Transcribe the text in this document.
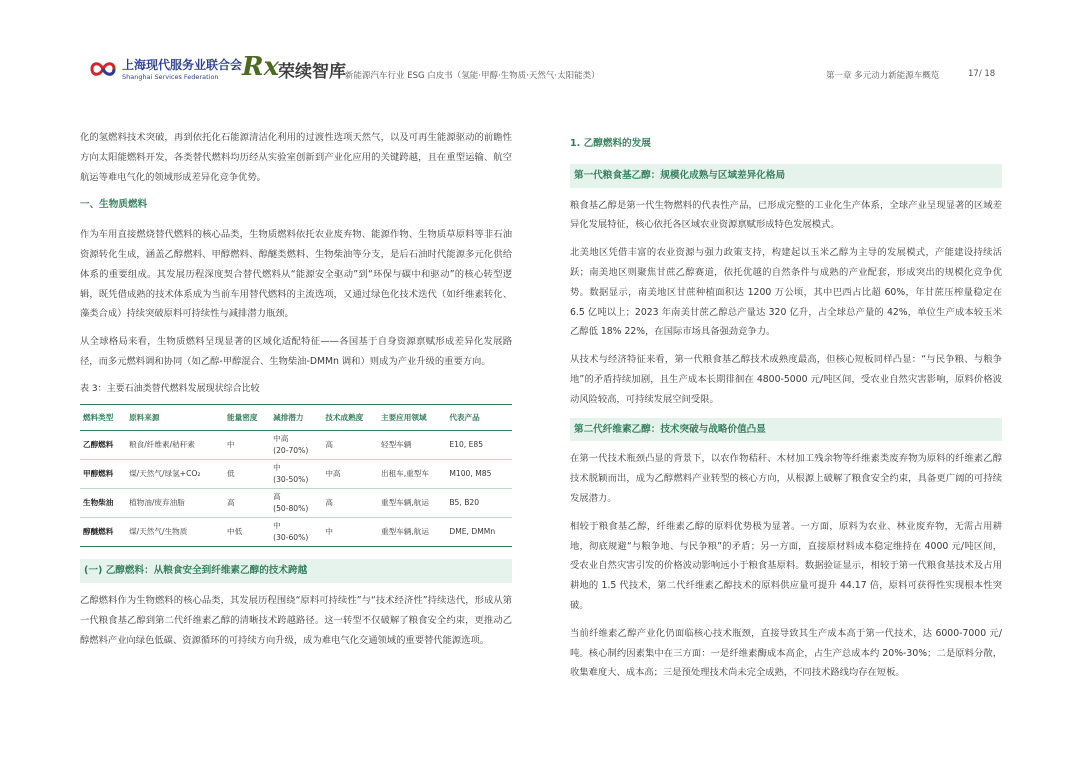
上海现代服务业联合会
Shanghai Services Federation Rx
荣续智库 新能源汽车行业 ESG 白皮书（氢能·甲醇·生物质·天然气·太阳能类）	第一章 多元动力新能源车概览	17/ 18

化的氢燃料技术突破，再到依托化石能源清洁化利用的过渡性选项天然气，以及可再生能源驱动的前瞻性方向太阳能燃料开发，各类替代燃料均历经从实验室创新到产业化应用的关键跨越，且在重型运输、航空航运等难电气化的领域形成差异化竞争优势。

一、生物质燃料

作为车用直接燃烧替代燃料的核心品类，生物质燃料依托农业废弃物、能源作物、生物质草原料等非石油资源转化生成，涵盖乙醇燃料、甲醇燃料、醇醚类燃料、生物柴油等分支，是后石油时代能源多元化供给体系的重要组成。其发展历程深度契合替代燃料从“能源安全驱动”到“环保与碳中和驱动”的核心转型逻辑，既凭借成熟的技术体系成为当前车用替代燃料的主流选项，又通过绿色化技术迭代（如纤维素转化、藻类合成）持续突破原料可持续性与减排潜力瓶颈。

从全球格局来看，生物质燃料呈现显著的区域化适配特征——各国基于自身资源禀赋形成差异化发展路径，而多元燃料调和协同（如乙醇-甲醇混合、生物柴油-DMMn 调和）则成为产业升级的重要方向。

表 3：主要石油类替代燃料发展现状综合比较
燃料类型	原料来源	能量密度	减排潜力	技术成熟度	主要应用领域	代表产品
乙醇燃料	粮食/纤维素/秸秆素	中	中高
(20-70%)	高	轻型车辆	E10, E85
甲醇燃料	煤/天然气/绿氢+CO₂	低	中
(30-50%)	中高	出租车,重型车	M100, M85
生物柴油	植物油/废弃油脂	高	高
(50-80%)	高	重型车辆,航运	B5, B20
醇醚燃料	煤/天然气/生物质	中低	中
(30-60%)	中	重型车辆,航运	DME, DMMn
(一) 乙醇燃料：从粮食安全到纤维素乙醇的技术跨越

乙醇燃料作为生物燃料的核心品类，其发展历程围绕“原料可持续性”与“技术经济性”持续迭代，形成从第一代粮食基乙醇到第二代纤维素乙醇的清晰技术跨越路径。这一转型不仅破解了粮食安全约束，更推动乙醇燃料产业向绿色低碳、资源循环的可持续方向升级，成为难电气化交通领域的重要替代能源选项。

1. 乙醇燃料的发展
第一代粮食基乙醇：规模化成熟与区域差异化格局

粮食基乙醇是第一代生物燃料的代表性产品，已形成完整的工业化生产体系，全球产业呈现显著的区域差异化发展特征，核心依托各区域农业资源禀赋形成特色发展模式。

北美地区凭借丰富的农业资源与强力政策支持，构建起以玉米乙醇为主导的发展模式，产能建设持续活跃；南美地区则聚焦甘蔗乙醇赛道，依托优越的自然条件与成熟的产业配套，形成突出的规模化竞争优势。数据显示，南美地区甘蔗种植面积达 1200 万公顷，其中巴西占比超 60%，年甘蔗压榨量稳定在 6.5 亿吨以上；2023 年南美甘蔗乙醇总产量达 320 亿升，占全球总产量的 42%，单位生产成本较玉米乙醇低 18% 22%，在国际市场具备强劲竞争力。

从技术与经济特征来看，第一代粮食基乙醇技术成熟度最高，但核心短板同样凸显：“与民争粮、与粮争地”的矛盾持续加剧，且生产成本长期徘徊在 4800-5000 元/吨区间，受农业自然灾害影响，原料价格波动风险较高，可持续发展空间受限。

第二代纤维素乙醇：技术突破与战略价值凸显

在第一代技术瓶颈凸显的背景下，以农作物秸秆、木材加工残余物等纤维素类废弃物为原料的纤维素乙醇技术脱颖而出，成为乙醇燃料产业转型的核心方向，从根源上破解了粮食安全约束，具备更广阔的可持续发展潜力。

相较于粮食基乙醇，纤维素乙醇的原料优势极为显著。一方面，原料为农业、林业废弃物，无需占用耕地，彻底规避“与粮争地、与民争粮”的矛盾；另一方面，直接原材料成本稳定维持在 4000 元/吨区间，受农业自然灾害引发的价格波动影响远小于粮食基原料。数据验证显示，相较于第一代粮食基技术及占用耕地的 1.5 代技术，第二代纤维素乙醇技术的原料供应量可提升 44.17 倍，原料可获得性实现根本性突破。

当前纤维素乙醇产业化仍面临核心技术瓶颈，直接导致其生产成本高于第一代技术，达 6000-7000 元/吨。核心制约因素集中在三方面：一是纤维素酶成本高企，占生产总成本约 20%-30%；二是原料分散，收集难度大、成本高；三是预处理技术尚未完全成熟，不同技术路线均存在短板。
